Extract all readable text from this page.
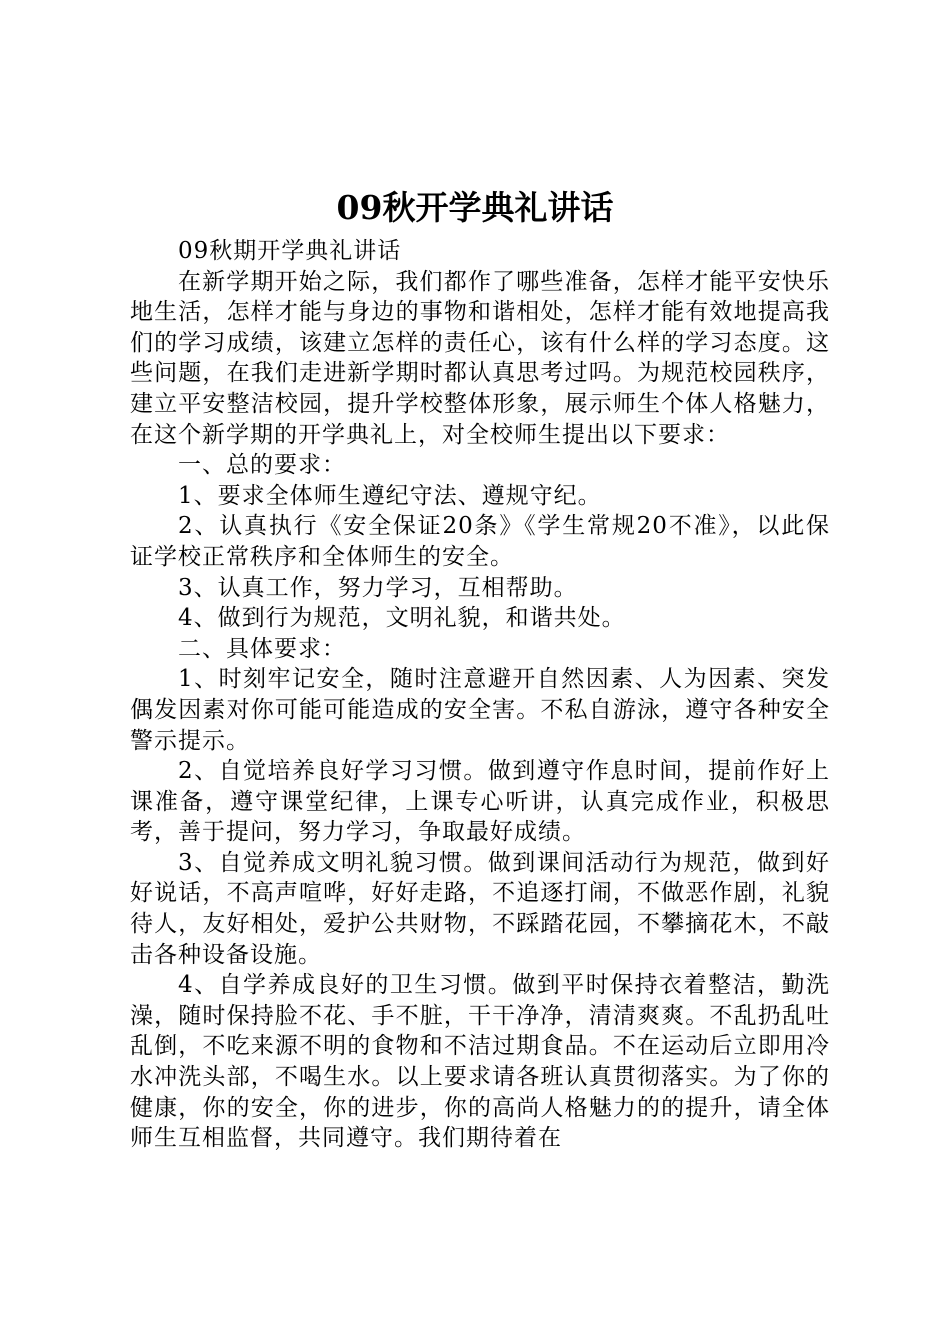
09秋开学典礼讲话

09秋期开学典礼讲话

在新学期开始之际，我们都作了哪些准备，怎样才能平安快乐地生活，怎样才能与身边的事物和谐相处，怎样才能有效地提高我们的学习成绩，该建立怎样的责任心，该有什么样的学习态度。这些问题，在我们走进新学期时都认真思考过吗。为规范校园秩序，建立平安整洁校园，提升学校整体形象，展示师生个体人格魅力，在这个新学期的开学典礼上，对全校师生提出以下要求：

一、总的要求：

1、要求全体师生遵纪守法、遵规守纪。

2、认真执行《安全保证20条》《学生常规20不准》，以此保证学校正常秩序和全体师生的安全。

3、认真工作，努力学习，互相帮助。

4、做到行为规范，文明礼貌，和谐共处。

二、具体要求：

1、时刻牢记安全，随时注意避开自然因素、人为因素、突发偶发因素对你可能可能造成的安全害。不私自游泳，遵守各种安全警示提示。

2、自觉培养良好学习习惯。做到遵守作息时间，提前作好上课准备，遵守课堂纪律，上课专心听讲，认真完成作业，积极思考，善于提问，努力学习，争取最好成绩。

3、自觉养成文明礼貌习惯。做到课间活动行为规范，做到好好说话，不高声喧哗，好好走路，不追逐打闹，不做恶作剧，礼貌待人，友好相处，爱护公共财物，不踩踏花园，不攀摘花木，不敲击各种设备设施。

4、自学养成良好的卫生习惯。做到平时保持衣着整洁，勤洗澡，随时保持脸不花、手不脏，干干净净，清清爽爽。不乱扔乱吐乱倒，不吃来源不明的食物和不洁过期食品。不在运动后立即用冷水冲洗头部，不喝生水。以上要求请各班认真贯彻落实。为了你的健康，你的安全，你的进步，你的高尚人格魅力的的提升，请全体师生互相监督，共同遵守。我们期待着在
